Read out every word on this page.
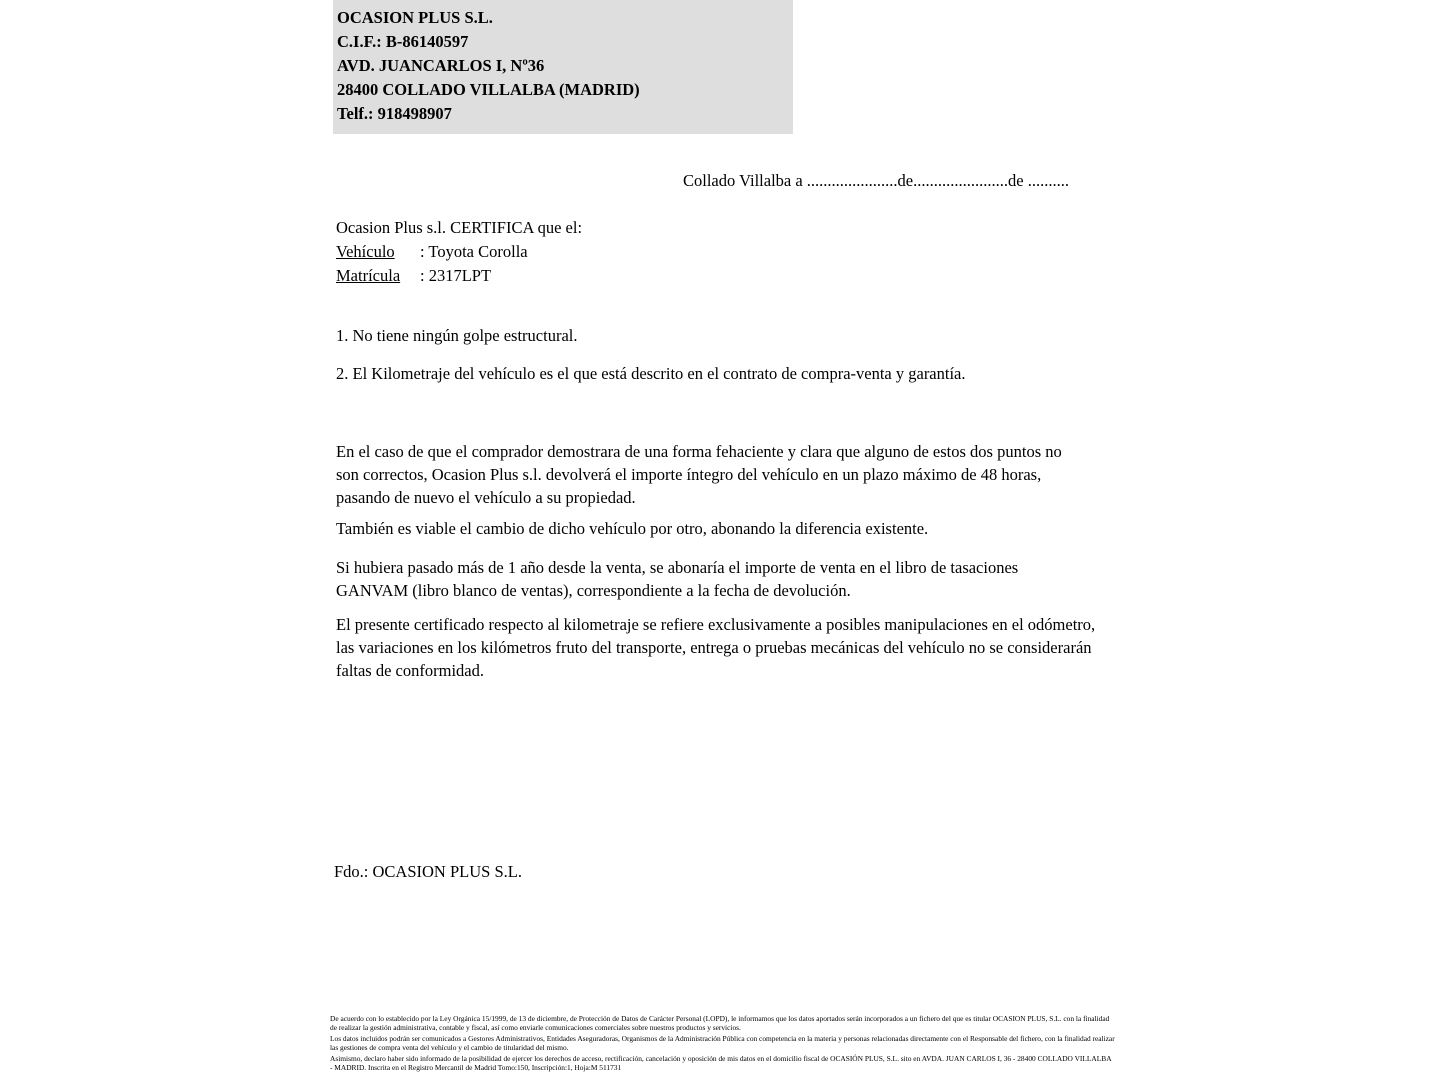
OCASION PLUS S.L.
C.I.F.: B-86140597
AVD. JUANCARLOS I, Nº36
28400 COLLADO VILLALBA (MADRID)
Telf.: 918498907
Collado Villalba a ......................de.......................de ..........
Ocasion Plus s.l. CERTIFICA que el:
Vehículo : Toyota Corolla
Matrícula : 2317LPT
1. No tiene ningún golpe estructural.
2. El Kilometraje del vehículo es el que está descrito en el contrato de compra-venta y garantía.
En el caso de que el comprador demostrara de una forma fehaciente y clara que alguno de estos dos puntos no son correctos, Ocasion Plus s.l. devolverá el importe íntegro del vehículo en un plazo máximo de 48 horas, pasando de nuevo el vehículo a su propiedad.
También es viable el cambio de dicho vehículo por otro, abonando la diferencia existente.
Si hubiera pasado más de 1 año desde la venta, se abonaría el importe de venta en el libro de tasaciones GANVAM (libro blanco de ventas), correspondiente a la fecha de devolución.
El presente certificado respecto al kilometraje se refiere exclusivamente a posibles manipulaciones en el odómetro, las variaciones en los kilómetros fruto del transporte, entrega o pruebas mecánicas del vehículo no se considerarán faltas de conformidad.
Fdo.: OCASION PLUS S.L.

De acuerdo con lo establecido por la Ley Orgánica 15/1999, de 13 de diciembre, de Protección de Datos de Carácter Personal (LOPD), le informamos que los datos aportados serán incorporados a un fichero del que es titular OCASION PLUS, S.L. con la finalidad de realizar la gestión administrativa, contable y fiscal, así como enviarle comunicaciones comerciales sobre nuestros productos y servicios.

Los datos incluidos podrán ser comunicados a Gestores Administrativos, Entidades Aseguradoras, Organismos de la Administración Pública con competencia en la materia y personas relacionadas directamente con el Responsable del fichero, con la finalidad realizar las gestiones de compra venta del vehículo y el cambio de titularidad del mismo.

Asimismo, declaro haber sido informado de la posibilidad de ejercer los derechos de acceso, rectificación, cancelación y oposición de mis datos en el domicilio fiscal de OCASIÓN PLUS, S.L. sito en AVDA. JUAN CARLOS I, 36 - 28400 COLLADO VILLALBA - MADRID. Inscrita en el Registro Mercantil de Madrid Tomo:150, Inscripción:1, Hoja:M 511731
